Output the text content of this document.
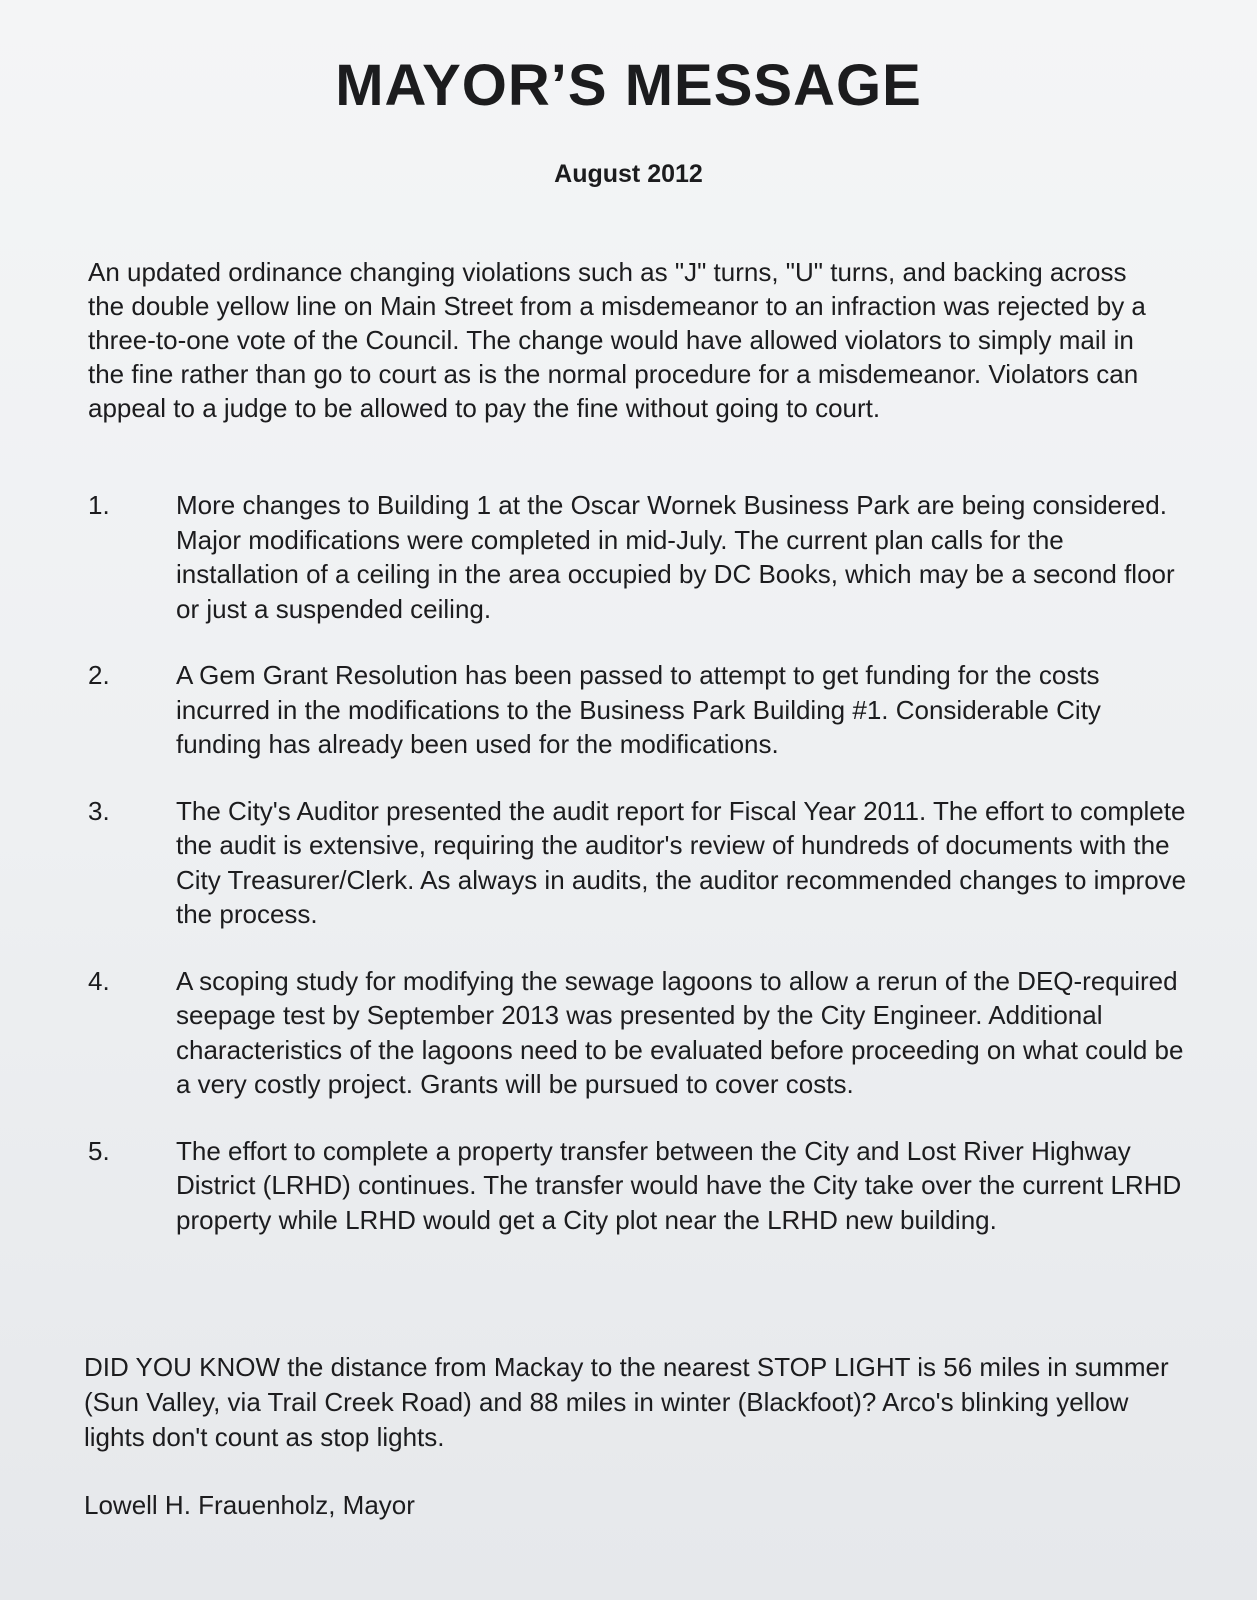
MAYOR’S MESSAGE

August 2012

An updated ordinance changing violations such as "J" turns, "U" turns, and backing across the double yellow line on Main Street from a misdemeanor to an infraction was rejected by a three-to-one vote of the Council. The change would have allowed violators to simply mail in the fine rather than go to court as is the normal procedure for a misdemeanor. Violators can appeal to a judge to be allowed to pay the fine without going to court.

1.	More changes to Building 1 at the Oscar Wornek Business Park are being considered. Major modifications were completed in mid-July. The current plan calls for the installation of a ceiling in the area occupied by DC Books, which may be a second floor or just a suspended ceiling.
2.	A Gem Grant Resolution has been passed to attempt to get funding for the costs incurred in the modifications to the Business Park Building #1. Considerable City funding has already been used for the modifications.
3.	The City's Auditor presented the audit report for Fiscal Year 2011. The effort to complete the audit is extensive, requiring the auditor's review of hundreds of documents with the City Treasurer/Clerk. As always in audits, the auditor recommended changes to improve the process.
4.	A scoping study for modifying the sewage lagoons to allow a rerun of the DEQ-required seepage test by September 2013 was presented by the City Engineer. Additional characteristics of the lagoons need to be evaluated before proceeding on what could be a very costly project. Grants will be pursued to cover costs.
5.	The effort to complete a property transfer between the City and Lost River Highway District (LRHD) continues. The transfer would have the City take over the current LRHD property while LRHD would get a City plot near the LRHD new building.

DID YOU KNOW the distance from Mackay to the nearest STOP LIGHT is 56 miles in summer (Sun Valley, via Trail Creek Road) and 88 miles in winter (Blackfoot)? Arco's blinking yellow lights don't count as stop lights.

Lowell H. Frauenholz, Mayor
